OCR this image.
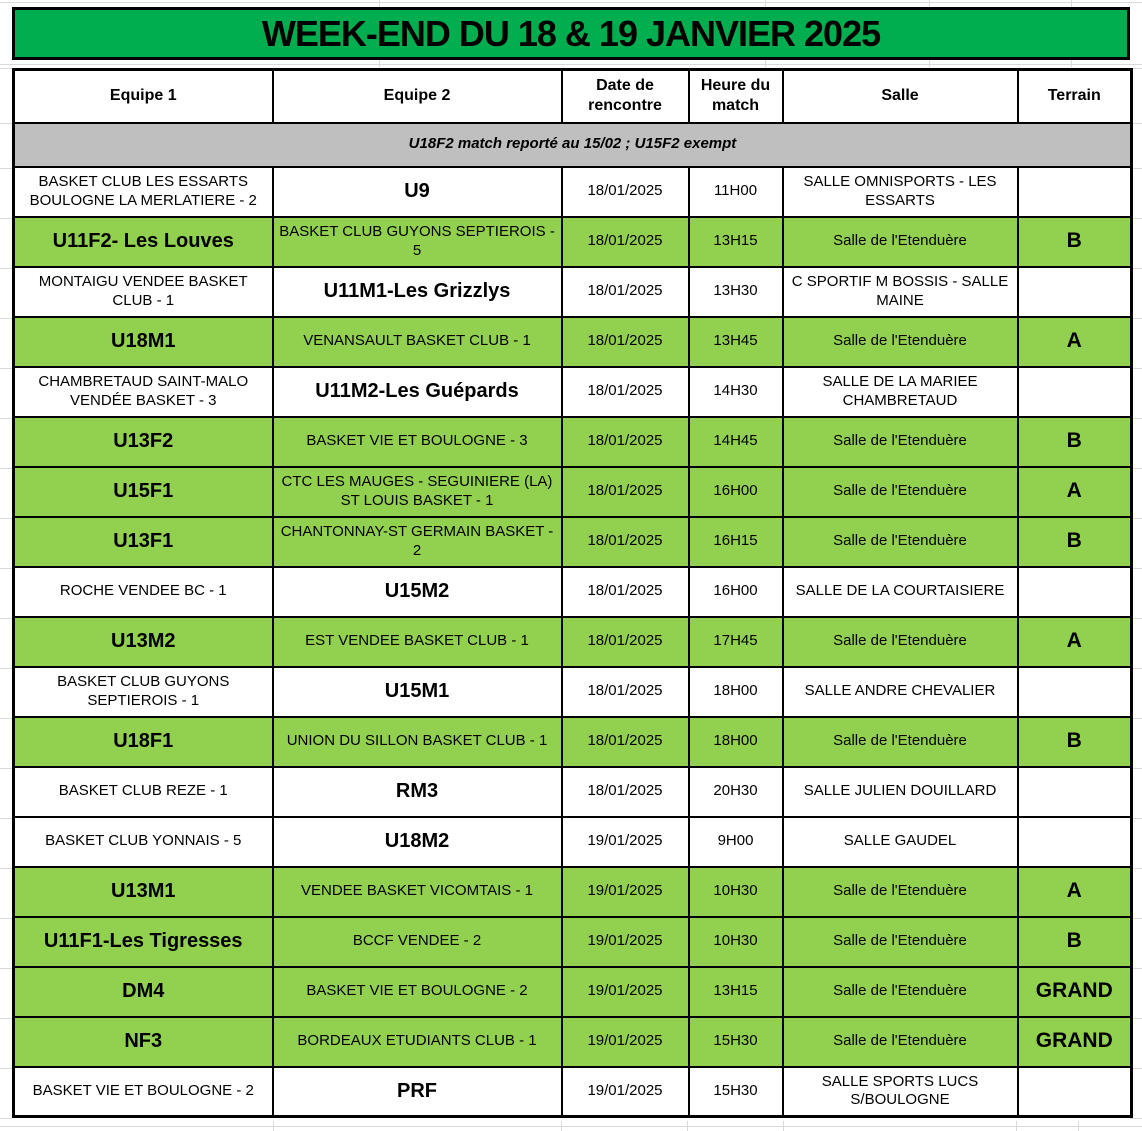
WEEK-END DU 18 & 19 JANVIER 2025
Equipe 1	Equipe 2	Date de rencontre	Heure du match	Salle	Terrain
U18F2 match reporté au 15/02 ; U15F2 exempt					
BASKET CLUB LES ESSARTS BOULOGNE LA MERLATIERE - 2	U9	18/01/2025	11H00	SALLE OMNISPORTS - LES ESSARTS	
U11F2- Les Louves	BASKET CLUB GUYONS SEPTIEROIS - 5	18/01/2025	13H15	Salle de l'Etenduère	B
MONTAIGU VENDEE BASKET CLUB - 1	U11M1-Les Grizzlys	18/01/2025	13H30	C SPORTIF M BOSSIS - SALLE MAINE	
U18M1	VENANSAULT BASKET CLUB - 1	18/01/2025	13H45	Salle de l'Etenduère	A
CHAMBRETAUD SAINT-MALO VENDÉE BASKET - 3	U11M2-Les Guépards	18/01/2025	14H30	SALLE DE LA MARIEE CHAMBRETAUD	
U13F2	BASKET VIE ET BOULOGNE - 3	18/01/2025	14H45	Salle de l'Etenduère	B
U15F1	CTC LES MAUGES - SEGUINIERE (LA) ST LOUIS BASKET - 1	18/01/2025	16H00	Salle de l'Etenduère	A
U13F1	CHANTONNAY-ST GERMAIN BASKET - 2	18/01/2025	16H15	Salle de l'Etenduère	B
ROCHE VENDEE BC - 1	U15M2	18/01/2025	16H00	SALLE DE LA COURTAISIERE	
U13M2	EST VENDEE BASKET CLUB - 1	18/01/2025	17H45	Salle de l'Etenduère	A
BASKET CLUB GUYONS SEPTIEROIS - 1	U15M1	18/01/2025	18H00	SALLE ANDRE CHEVALIER	
U18F1	UNION DU SILLON BASKET CLUB - 1	18/01/2025	18H00	Salle de l'Etenduère	B
BASKET CLUB REZE - 1	RM3	18/01/2025	20H30	SALLE JULIEN DOUILLARD	
BASKET CLUB YONNAIS - 5	U18M2	19/01/2025	9H00	SALLE GAUDEL	
U13M1	VENDEE BASKET VICOMTAIS - 1	19/01/2025	10H30	Salle de l'Etenduère	A
U11F1-Les Tigresses	BCCF VENDEE - 2	19/01/2025	10H30	Salle de l'Etenduère	B
DM4	BASKET VIE ET BOULOGNE - 2	19/01/2025	13H15	Salle de l'Etenduère	GRAND
NF3	BORDEAUX ETUDIANTS CLUB - 1	19/01/2025	15H30	Salle de l'Etenduère	GRAND
BASKET VIE ET BOULOGNE - 2	PRF	19/01/2025	15H30	SALLE SPORTS LUCS S/BOULOGNE	
